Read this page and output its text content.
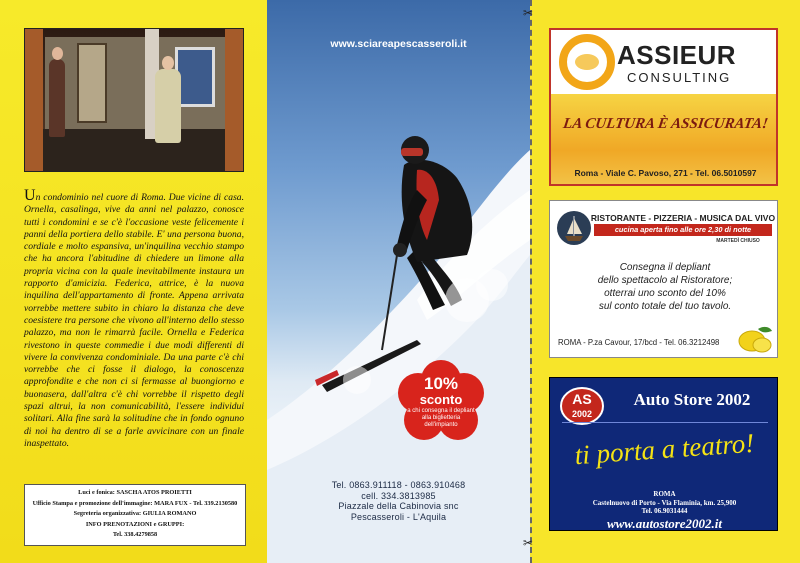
Un condominio nel cuore di Roma. Due vicine di casa. Ornella, casalinga, vive da anni nel palazzo, conosce tutti i condomini e se c'è l'occasione veste felicemente i panni della portiera dello stabile. E' una persona buona, cordiale e molto espansiva, un'inquilina vecchio stampo che ha ancora l'abitudine di chiedere un limone alla propria vicina con la quale inevitabilmente instaura un rapporto d'amicizia. Federica, attrice, è la nuova inquilina dell'appartamento di fronte. Appena arrivata vorrebbe mettere subito in chiaro la distanza che deve coesistere tra persone che vivono all'interno dello stesso palazzo, ma non le rimarrà facile. Ornella e Federica rivestono in queste commedie i due modi differenti di vivere la convivenza condominiale. Da una parte c'è chi vorrebbe che ci fosse il dialogo, la conoscenza approfondite e che non ci si fermasse al buongiorno e buonasera, dall'altra c'è chi vorrebbe il rispetto degli spazi altrui, la non comunicabilità, l'essere individui solitari. Alla fine sarà la solitudine che in fondo ognuno di noi ha dentro di se a farle avvicinare con un finale inaspettato.
Luci e fonica: SASCHA ATOS PROIETTI
Ufficio Stampa e promozione dell'immagine: MARA FUX - Tel. 339.2130580
Segreteria organizzativa: GIULIA ROMANO
INFO PRENOTAZIONI e GRUPPI:
Tel. 338.4279858
www.sciareapescasseroli.it
Tel. 0863.911118 - 0863.910468
cell. 334.3813985
Piazzale della Cabinovia snc
Pescasseroli - L'Aquila
10%
sconto
a chi consegna il depliant alla biglietteria dell'impianto
✂
✂
ASSIEUR
CONSULTING
LA CULTURA È ASSICURATA!
Roma - Viale C. Pavoso, 271 - Tel. 06.5010597
RISTORANTE - PIZZERIA - MUSICA DAL VIVO
cucina aperta fino alle ore 2,30 di notte
MARTEDÌ CHIUSO
Consegna il depliant
dello spettacolo al Ristoratore;
otterrai uno sconto del 10%
sul conto totale del tuo tavolo.
ROMA - P.za Cavour, 17/bcd - Tel. 06.3212498
AS
2002
Auto Store 2002
ti porta a teatro!
ROMA
Castelnuovo di Porto - Via Flaminia, km. 25,900
Tel. 06.9031444
www.autostore2002.it
